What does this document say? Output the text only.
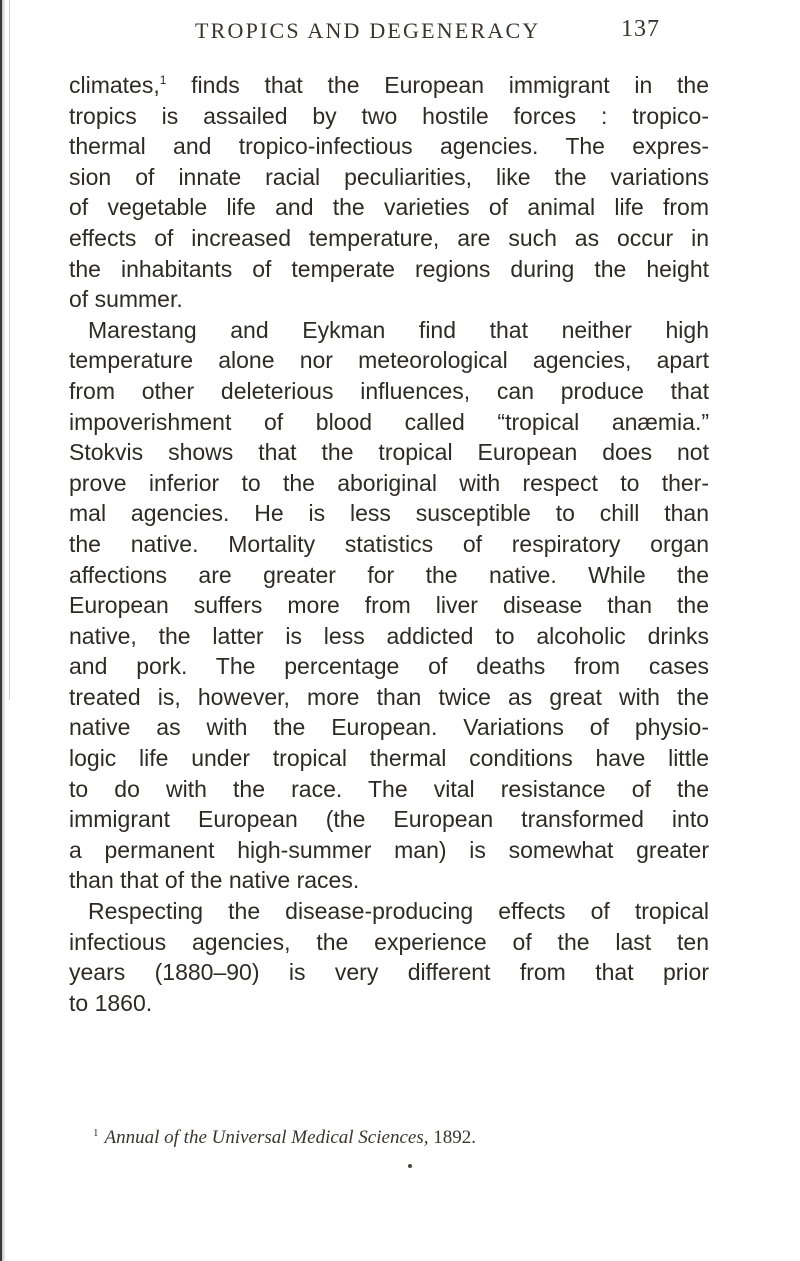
TROPICS AND DEGENERACY	137
climates,$^1$ finds that the European immigrant in the
tropics is assailed by two hostile forces : tropico-
thermal and tropico-infectious agencies. The expres-
sion of innate racial peculiarities, like the variations
of vegetable life and the varieties of animal life from
effects of increased temperature, are such as occur in
the inhabitants of temperate regions during the height
of summer.
Marestang and Eykman find that neither high
temperature alone nor meteorological agencies, apart
from other deleterious influences, can produce that
impoverishment of blood called “tropical anæmia.”
Stokvis shows that the tropical European does not
prove inferior to the aboriginal with respect to ther-
mal agencies. He is less susceptible to chill than
the native. Mortality statistics of respiratory organ
affections are greater for the native. While the
European suffers more from liver disease than the
native, the latter is less addicted to alcoholic drinks
and pork. The percentage of deaths from cases
treated is, however, more than twice as great with the
native as with the European. Variations of physio-
logic life under tropical thermal conditions have little
to do with the race. The vital resistance of the
immigrant European (the European transformed into
a permanent high-summer man) is somewhat greater
than that of the native races.
Respecting the disease-producing effects of tropical
infectious agencies, the experience of the last ten
years (1880–90) is very different from that prior
to 1860.
$^1$ Annual of the Universal Medical Sciences, 1892.
